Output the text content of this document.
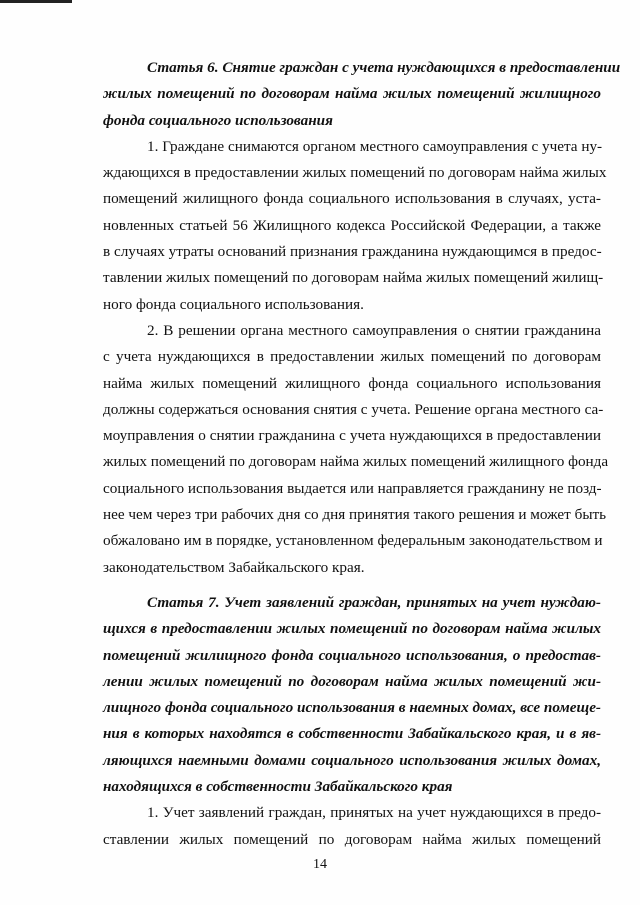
Статья 6. Снятие граждан с учета нуждающихся в предоставлении
жилых помещений по договорам найма жилых помещений жилищного
фонда социального использования

1. Граждане снимаются органом местного самоуправления с учета ну-
ждающихся в предоставлении жилых помещений по договорам найма жилых
помещений жилищного фонда социального использования в случаях, уста-
новленных статьей 56 Жилищного кодекса Российской Федерации, а также
в случаях утраты оснований признания гражданина нуждающимся в предос-
тавлении жилых помещений по договорам найма жилых помещений жилищ-
ного фонда социального использования.

2. В решении органа местного самоуправления о снятии гражданина
с учета нуждающихся в предоставлении жилых помещений по договорам
найма жилых помещений жилищного фонда социального использования
должны содержаться основания снятия с учета. Решение органа местного са-
моуправления о снятии гражданина с учета нуждающихся в предоставлении
жилых помещений по договорам найма жилых помещений жилищного фонда
социального использования выдается или направляется гражданину не позд-
нее чем через три рабочих дня со дня принятия такого решения и может быть
обжаловано им в порядке, установленном федеральным законодательством и
законодательством Забайкальского края.

Статья 7. Учет заявлений граждан, принятых на учет нуждаю-
щихся в предоставлении жилых помещений по договорам найма жилых
помещений жилищного фонда социального использования, о предостав-
лении жилых помещений по договорам найма жилых помещений жи-
лищного фонда социального использования в наемных домах, все помеще-
ния в которых находятся в собственности Забайкальского края, и в яв-
ляющихся наемными домами социального использования жилых домах,
находящихся в собственности Забайкальского края

1. Учет заявлений граждан, принятых на учет нуждающихся в предо-
ставлении жилых помещений по договорам найма жилых помещений

14
